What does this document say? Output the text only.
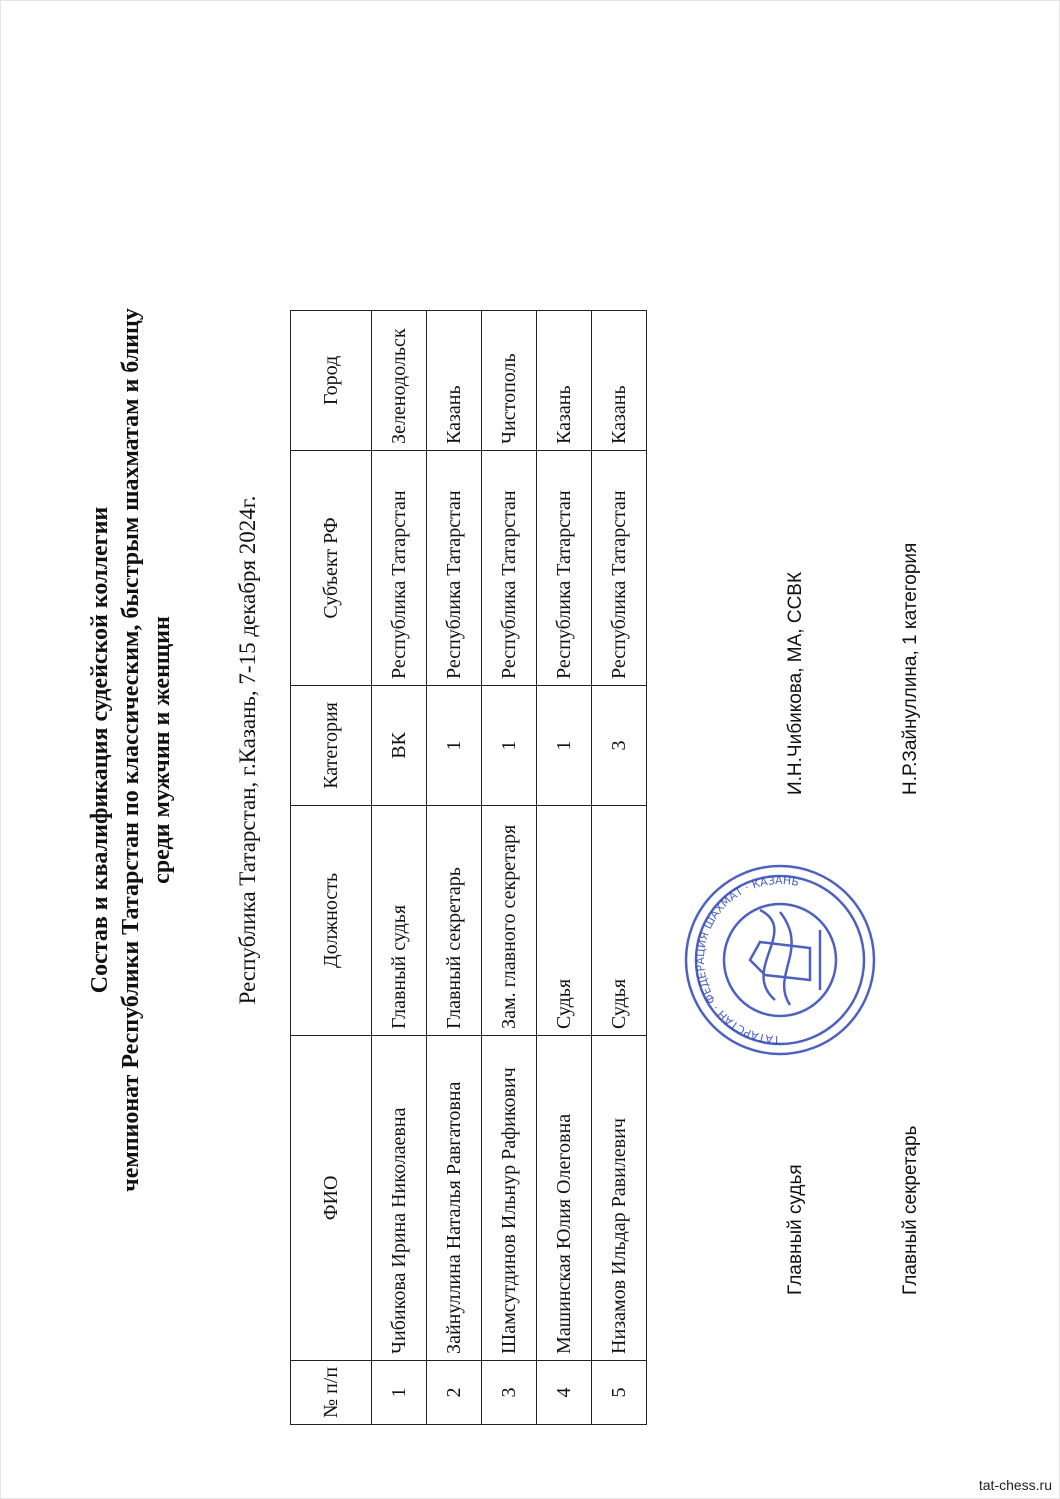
Состав и квалификация судейской коллегии чемпионат Республики Татарстан по классическим, быстрым шахматам и блицу среди мужчин и женщин	Республика Татарстан, г.Казань, 7-15 декабря 2024г.
№ п/п	ФИО	Должность	Категория	Субъект РФ	Город
1	Чибикова Ирина Николаевна	Главный судья	ВК	Республика Татарстан	Зеленодольск
2	Зайнуллина Наталья Равгатовна	Главный секретарь	1	Республика Татарстан	Казань
3	Шамсутдинов Ильнур Рафикович	Зам. главного секретаря	1	Республика Татарстан	Чистополь
4	Машинская Юлия Олеговна	Судья	1	Республика Татарстан	Казань
5	Низамов Ильдар Равилевич	Судья	3	Республика Татарстан	Казань
Главный судья
И.Н.Чибикова, МА, ССВК
Главный секретарь
Н.Р.Зайнуллина, 1 категория
ТАТАРСТАН · ФЕДЕРАЦИЯ ШАХМАТ · КАЗАНЬ
tat-chess.ru
